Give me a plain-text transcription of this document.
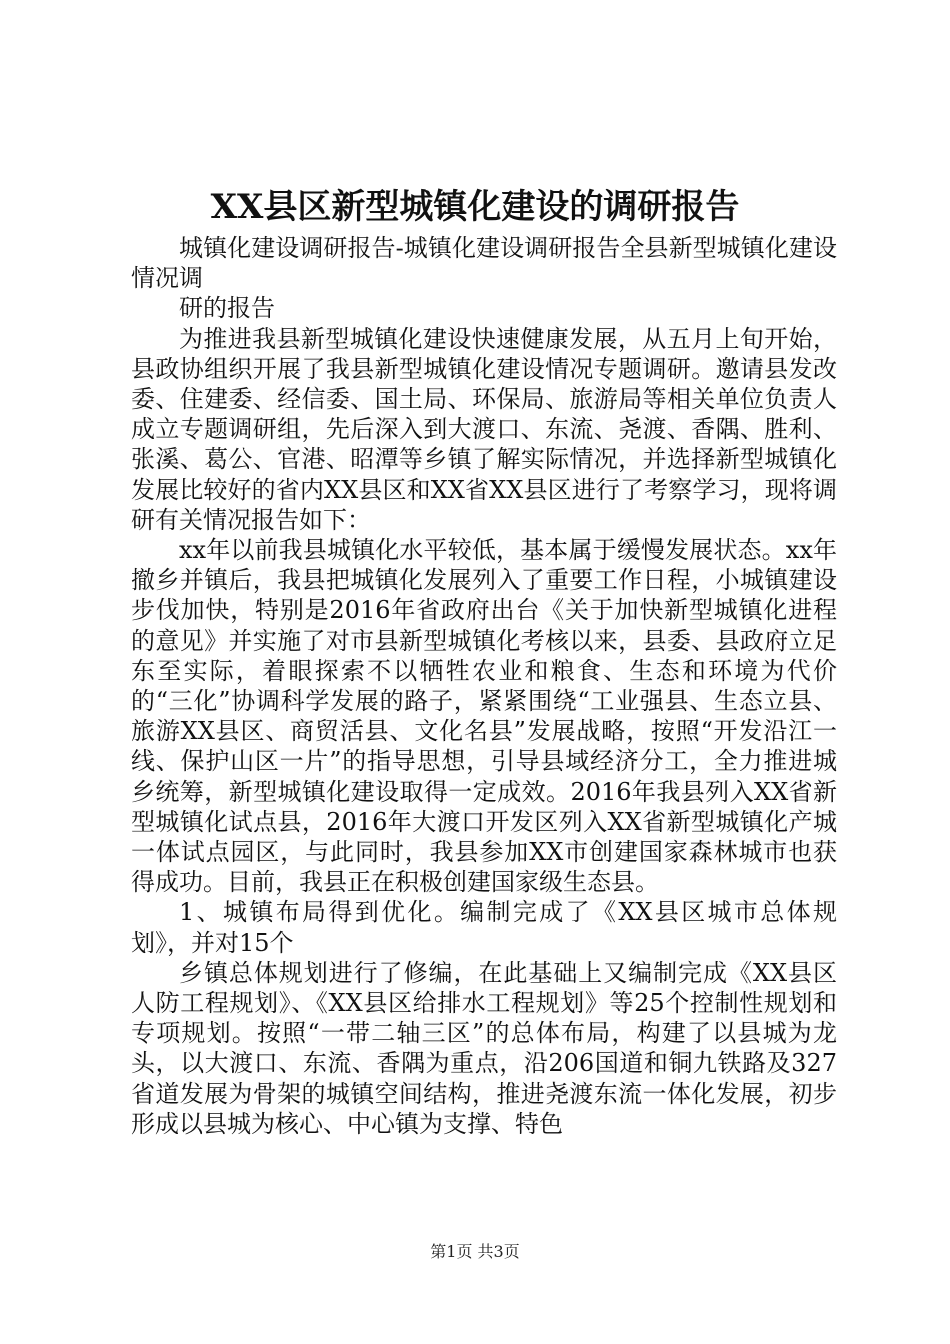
XX县区新型城镇化建设的调研报告

城镇化建设调研报告-城镇化建设调研报告全县新型城镇化建设情况调

研的报告

为推进我县新型城镇化建设快速健康发展，从五月上旬开始，县政协组织开展了我县新型城镇化建设情况专题调研。邀请县发改委、住建委、经信委、国土局、环保局、旅游局等相关单位负责人成立专题调研组，先后深入到大渡口、东流、尧渡、香隅、胜利、张溪、葛公、官港、昭潭等乡镇了解实际情况，并选择新型城镇化发展比较好的省内XX县区和XX省XX县区进行了考察学习，现将调研有关情况报告如下：

xx年以前我县城镇化水平较低，基本属于缓慢发展状态。xx年撤乡并镇后，我县把城镇化发展列入了重要工作日程，小城镇建设步伐加快，特别是2016年省政府出台《关于加快新型城镇化进程的意见》并实施了对市县新型城镇化考核以来，县委、县政府立足东至实际，着眼探索不以牺牲农业和粮食、生态和环境为代价的“三化”协调科学发展的路子，紧紧围绕“工业强县、生态立县、旅游XX县区、商贸活县、文化名县”发展战略，按照“开发沿江一线、保护山区一片”的指导思想，引导县域经济分工，全力推进城乡统筹，新型城镇化建设取得一定成效。2016年我县列入XX省新型城镇化试点县，2016年大渡口开发区列入XX省新型城镇化产城一体试点园区，与此同时，我县参加XX市创建国家森林城市也获得成功。目前，我县正在积极创建国家级生态县。

1、城镇布局得到优化。编制完成了《XX县区城市总体规划》，并对15个

乡镇总体规划进行了修编，在此基础上又编制完成《XX县区人防工程规划》、《XX县区给排水工程规划》等25个控制性规划和专项规划。按照“一带二轴三区”的总体布局，构建了以县城为龙头，以大渡口、东流、香隅为重点，沿206国道和铜九铁路及327省道发展为骨架的城镇空间结构，推进尧渡东流一体化发展，初步形成以县城为核心、中心镇为支撑、特色

第1页 共3页
